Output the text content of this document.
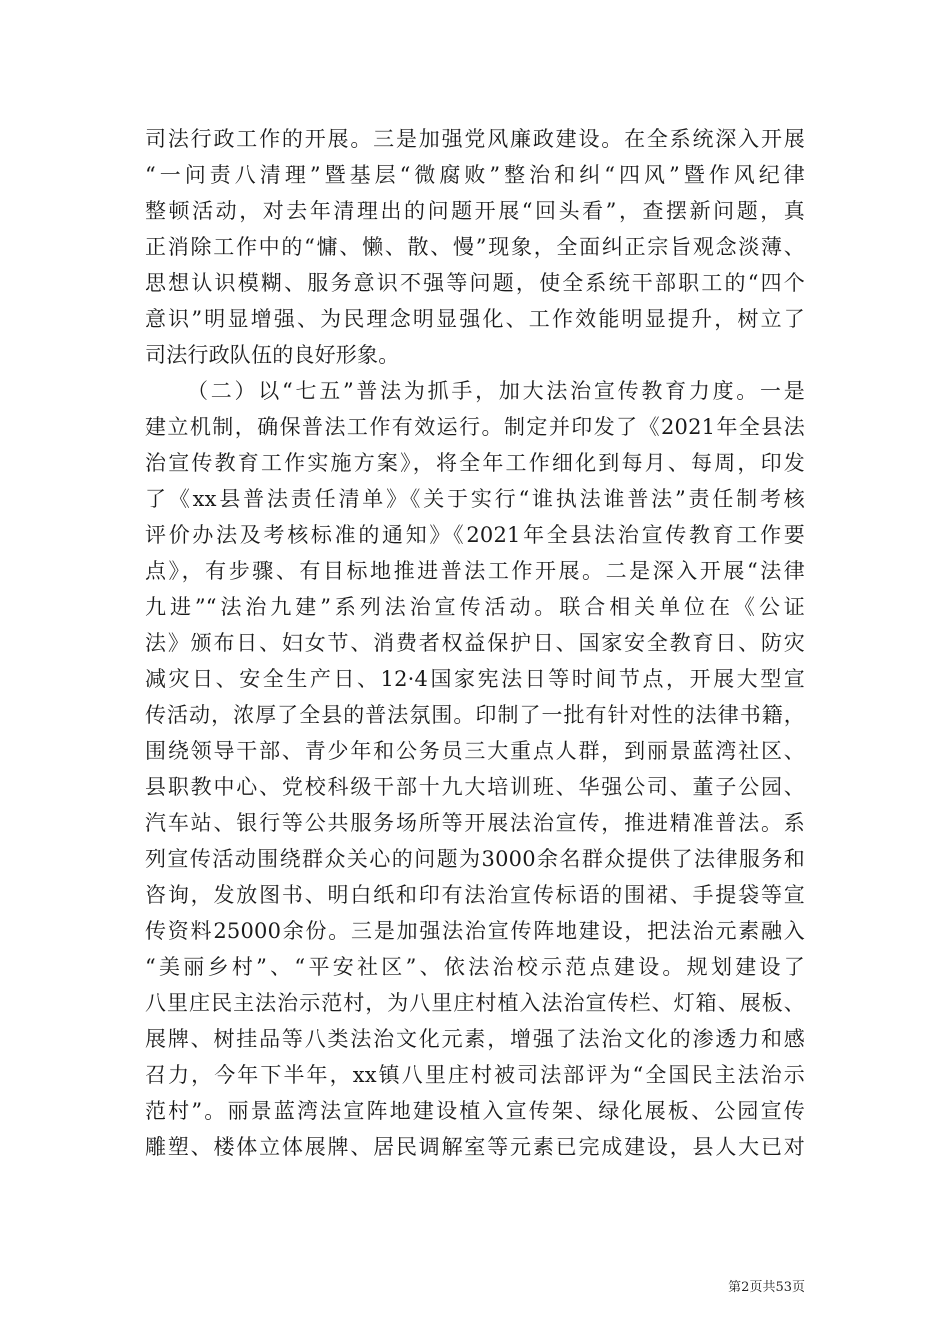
司法行政工作的开展。三是加强党风廉政建设。在全系统深入开展
“一问责八清理”暨基层“微腐败”整治和纠“四风”暨作风纪律
整顿活动，对去年清理出的问题开展“回头看”，查摆新问题，真
正消除工作中的“慵、懒、散、慢”现象，全面纠正宗旨观念淡薄、
思想认识模糊、服务意识不强等问题，使全系统干部职工的“四个
意识”明显增强、为民理念明显强化、工作效能明显提升，树立了
司法行政队伍的良好形象。
（二）以“七五”普法为抓手，加大法治宣传教育力度。一是
建立机制，确保普法工作有效运行。制定并印发了《2021年全县法
治宣传教育工作实施方案》，将全年工作细化到每月、每周，印发
了《xx县普法责任清单》《关于实行“谁执法谁普法”责任制考核
评价办法及考核标准的通知》《2021年全县法治宣传教育工作要
点》，有步骤、有目标地推进普法工作开展。二是深入开展“法律
九进”“法治九建”系列法治宣传活动。联合相关单位在《公证
法》颁布日、妇女节、消费者权益保护日、国家安全教育日、防灾
减灾日、安全生产日、12·4国家宪法日等时间节点，开展大型宣
传活动，浓厚了全县的普法氛围。印制了一批有针对性的法律书籍，
围绕领导干部、青少年和公务员三大重点人群，到丽景蓝湾社区、
县职教中心、党校科级干部十九大培训班、华强公司、董子公园、
汽车站、银行等公共服务场所等开展法治宣传，推进精准普法。系
列宣传活动围绕群众关心的问题为3000余名群众提供了法律服务和
咨询，发放图书、明白纸和印有法治宣传标语的围裙、手提袋等宣
传资料25000余份。三是加强法治宣传阵地建设，把法治元素融入
“美丽乡村”、“平安社区”、依法治校示范点建设。规划建设了
八里庄民主法治示范村，为八里庄村植入法治宣传栏、灯箱、展板、
展牌、树挂品等八类法治文化元素，增强了法治文化的渗透力和感
召力，今年下半年，xx镇八里庄村被司法部评为“全国民主法治示
范村”。丽景蓝湾法宣阵地建设植入宣传架、绿化展板、公园宣传
雕塑、楼体立体展牌、居民调解室等元素已完成建设，县人大已对
第2页共53页
